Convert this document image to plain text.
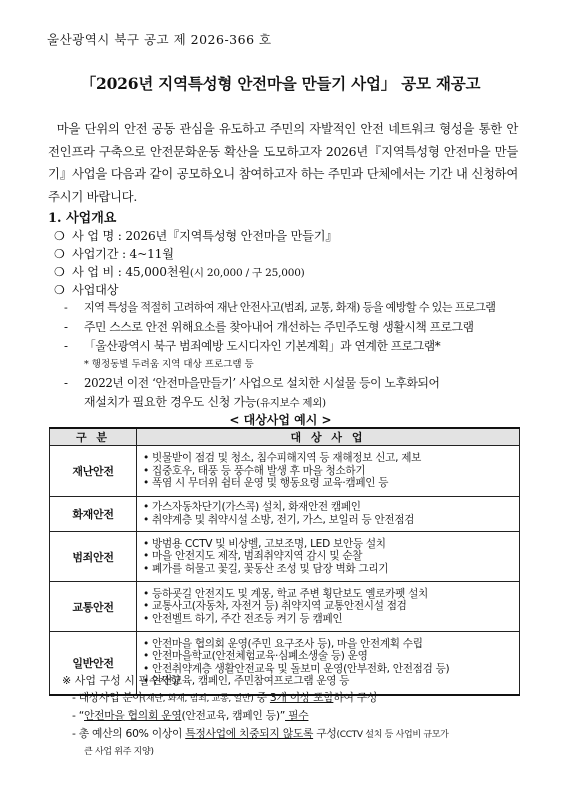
울산광역시 북구 공고 제 2026-366 호
「2026년 지역특성형 안전마을 만들기 사업」 공모 재공고
마을 단위의 안전 공동 관심을 유도하고 주민의 자발적인 안전 네트워크 형성을 통한 안전인프라 구축으로 안전문화운동 확산을 도모하고자 2026년『지역특성형 안전마을 만들기』사업을 다음과 같이 공모하오니 참여하고자 하는 주민과 단체에서는 기간 내 신청하여 주시기 바랍니다.
1. 사업개요
❍ 사 업 명 : 2026년『지역특성형 안전마을 만들기』
❍ 사업기간 : 4~11월
❍ 사 업 비 : 45,000천원(시 20,000 / 구 25,000)
❍ 사업대상
- 지역 특성을 적절히 고려하여 재난 안전사고(범죄, 교통, 화재) 등을 예방할 수 있는 프로그램
- 주민 스스로 안전 위해요소를 찾아내어 개선하는 주민주도형 생활시책 프로그램
- 「울산광역시 북구 범죄예방 도시디자인 기본계획」과 연계한 프로그램*
* 행정동별 두려움 지역 대상 프로그램 등
- 2022년 이전 ‘안전마을만들기’ 사업으로 설치한 시설물 등이 노후화되어
재설치가 필요한 경우도 신청 가능(유지보수 제외)
< 대상사업 예시 >
구 분	대 상 사 업
재난안전	• 빗물받이 점검 및 청소, 침수피해지역 등 재해정보 신고, 제보
• 집중호우, 태풍 등 풍수해 발생 후 마을 청소하기
• 폭염 시 무더위 쉼터 운영 및 행동요령 교육·캠페인 등

화재안전	• 가스자동차단기(가스콕) 설치, 화재안전 캠페인
• 취약계층 및 취약시설 소방, 전기, 가스, 보일러 등 안전점검

범죄안전	• 방범용 CCTV 및 비상벨, 고보조명, LED 보안등 설치
• 마을 안전지도 제작, 범죄취약지역 감시 및 순찰
• 폐가를 허물고 꽃길, 꽃동산 조성 및 담장 벽화 그리기

교통안전	• 등하굣길 안전지도 및 계몽, 학교 주변 횡단보도 옐로카펫 설치
• 교통사고(자동차, 자전거 등) 취약지역 교통안전시설 점검
• 안전벨트 하기, 주간 전조등 켜기 등 캠페인

일반안전	• 안전마을 협의회 운영(주민 요구조사 등), 마을 안전계획 수립
• 안전마을학교(안전체험교육·심폐소생술 등) 운영
• 안전취약계층 생활안전교육 및 돌보미 운영(안부전화, 안전점검 등)
• 안전교육, 캠페인, 주민참여프로그램 운영 등
※ 사업 구성 시 필수사항
- 대상사업 분야(재난, 화재, 범죄, 교통, 일반) 중 3개 이상 포함하여 구성
- “안전마을 협의회 운영(안전교육, 캠페인 등)” 필수
- 총 예산의 60% 이상이 특정사업에 치중되지 않도록 구성(CCTV 설치 등 사업비 규모가
큰 사업 위주 지양)
